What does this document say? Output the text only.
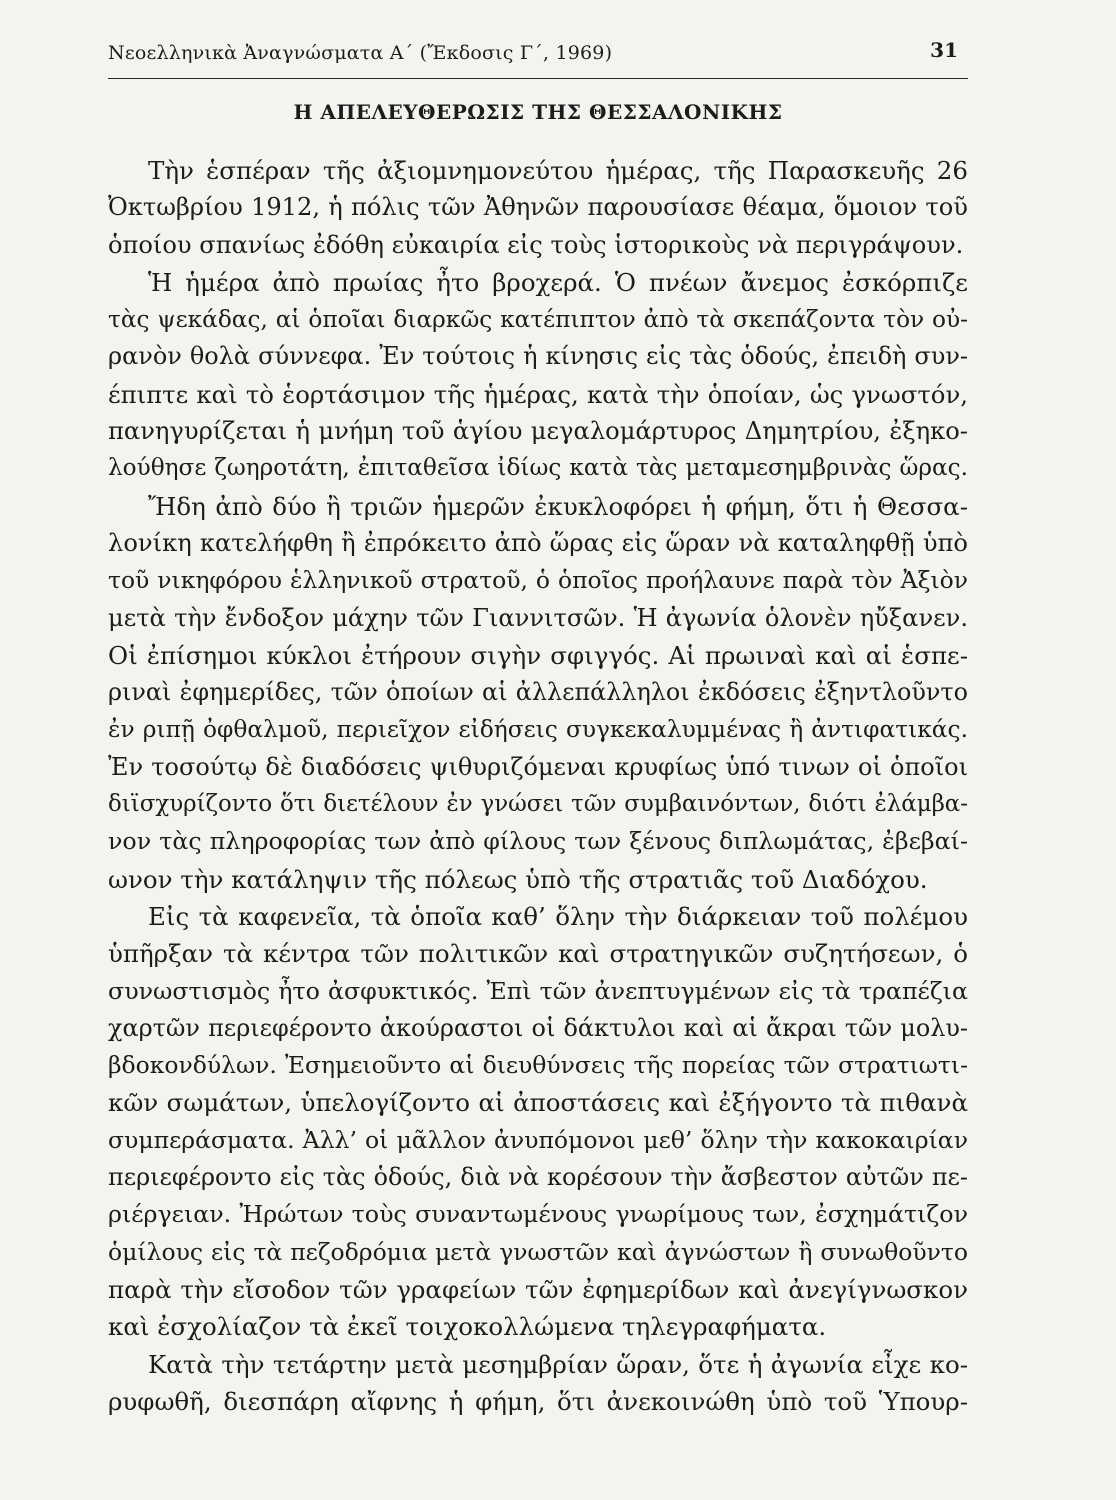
Νεοελληνικὰ Ἀναγνώσματα Α΄ (Ἔκδοσις Γ΄, 1969)	31
Η ΑΠΕΛΕΥΘΕΡΩΣΙΣ ΤΗΣ ΘΕΣΣΑΛΟΝΙΚΗΣ
Τὴν ἑσπέραν τῆς ἀξιομνημονεύτου ἡμέρας, τῆς Παρασκευῆς 26
Ὀκτωβρίου 1912, ἡ πόλις τῶν Ἀθηνῶν παρουσίασε θέαμα, ὅμοιον τοῦ
ὁποίου σπανίως ἐδόθη εὐκαιρία εἰς τοὺς ἱστορικοὺς νὰ περιγράψουν.
Ἡ ἡμέρα ἀπὸ πρωίας ἦτο βροχερά. Ὁ πνέων ἄνεμος ἐσκόρπιζε
τὰς ψεκάδας, αἱ ὁποῖαι διαρκῶς κατέπιπτον ἀπὸ τὰ σκεπάζοντα τὸν οὐ-
ρανὸν θολὰ σύννεφα. Ἐν τούτοις ἡ κίνησις εἰς τὰς ὁδούς, ἐπειδὴ συν-
έπιπτε καὶ τὸ ἑορτάσιμον τῆς ἡμέρας, κατὰ τὴν ὁποίαν, ὡς γνωστόν,
πανηγυρίζεται ἡ μνήμη τοῦ ἁγίου μεγαλομάρτυρος Δημητρίου, ἐξηκο-
λούθησε ζωηροτάτη, ἐπιταθεῖσα ἰδίως κατὰ τὰς μεταμεσημβρινὰς ὥρας.
Ἤδη ἀπὸ δύο ἢ τριῶν ἡμερῶν ἐκυκλοφόρει ἡ φήμη, ὅτι ἡ Θεσσα-
λονίκη κατελήφθη ἢ ἐπρόκειτο ἀπὸ ὥρας εἰς ὥραν νὰ καταληφθῇ ὑπὸ
τοῦ νικηφόρου ἑλληνικοῦ στρατοῦ, ὁ ὁποῖος προήλαυνε παρὰ τὸν Ἀξιὸν
μετὰ τὴν ἔνδοξον μάχην τῶν Γιαννιτσῶν. Ἡ ἀγωνία ὁλονὲν ηὔξανεν.
Οἱ ἐπίσημοι κύκλοι ἐτήρουν σιγὴν σφιγγός. Αἱ πρωιναὶ καὶ αἱ ἑσπε-
ριναὶ ἐφημερίδες, τῶν ὁποίων αἱ ἀλλεπάλληλοι ἐκδόσεις ἐξηντλοῦντο
ἐν ριπῇ ὀφθαλμοῦ, περιεῖχον εἰδήσεις συγκεκαλυμμένας ἢ ἀντιφατικάς.
Ἐν τοσούτῳ δὲ διαδόσεις ψιθυριζόμεναι κρυφίως ὑπό τινων οἱ ὁποῖοι
διϊσχυρίζοντο ὅτι διετέλουν ἐν γνώσει τῶν συμβαινόντων, διότι ἐλάμβα-
νον τὰς πληροφορίας των ἀπὸ φίλους των ξένους διπλωμάτας, ἐβεβαί-
ωνον τὴν κατάληψιν τῆς πόλεως ὑπὸ τῆς στρατιᾶς τοῦ Διαδόχου.
Εἰς τὰ καφενεῖα, τὰ ὁποῖα καθ’ ὅλην τὴν διάρκειαν τοῦ πολέμου
ὑπῆρξαν τὰ κέντρα τῶν πολιτικῶν καὶ στρατηγικῶν συζητήσεων, ὁ
συνωστισμὸς ἦτο ἀσφυκτικός. Ἐπὶ τῶν ἀνεπτυγμένων εἰς τὰ τραπέζια
χαρτῶν περιεφέροντο ἀκούραστοι οἱ δάκτυλοι καὶ αἱ ἄκραι τῶν μολυ-
βδοκονδύλων. Ἐσημειοῦντο αἱ διευθύνσεις τῆς πορείας τῶν στρατιωτι-
κῶν σωμάτων, ὑπελογίζοντο αἱ ἀποστάσεις καὶ ἐξήγοντο τὰ πιθανὰ
συμπεράσματα. Ἀλλ’ οἱ μᾶλλον ἀνυπόμονοι μεθ’ ὅλην τὴν κακοκαιρίαν
περιεφέροντο εἰς τὰς ὁδούς, διὰ νὰ κορέσουν τὴν ἄσβεστον αὐτῶν πε-
ριέργειαν. Ἠρώτων τοὺς συναντωμένους γνωρίμους των, ἐσχημάτιζον
ὁμίλους εἰς τὰ πεζοδρόμια μετὰ γνωστῶν καὶ ἀγνώστων ἢ συνωθοῦντο
παρὰ τὴν εἴσοδον τῶν γραφείων τῶν ἐφημερίδων καὶ ἀνεγίγνωσκον
καὶ ἐσχολίαζον τὰ ἐκεῖ τοιχοκολλώμενα τηλεγραφήματα.
Κατὰ τὴν τετάρτην μετὰ μεσημβρίαν ὥραν, ὅτε ἡ ἀγωνία εἶχε κο-
ρυφωθῆ, διεσπάρη αἴφνης ἡ φήμη, ὅτι ἀνεκοινώθη ὑπὸ τοῦ Ὑπουρ-
